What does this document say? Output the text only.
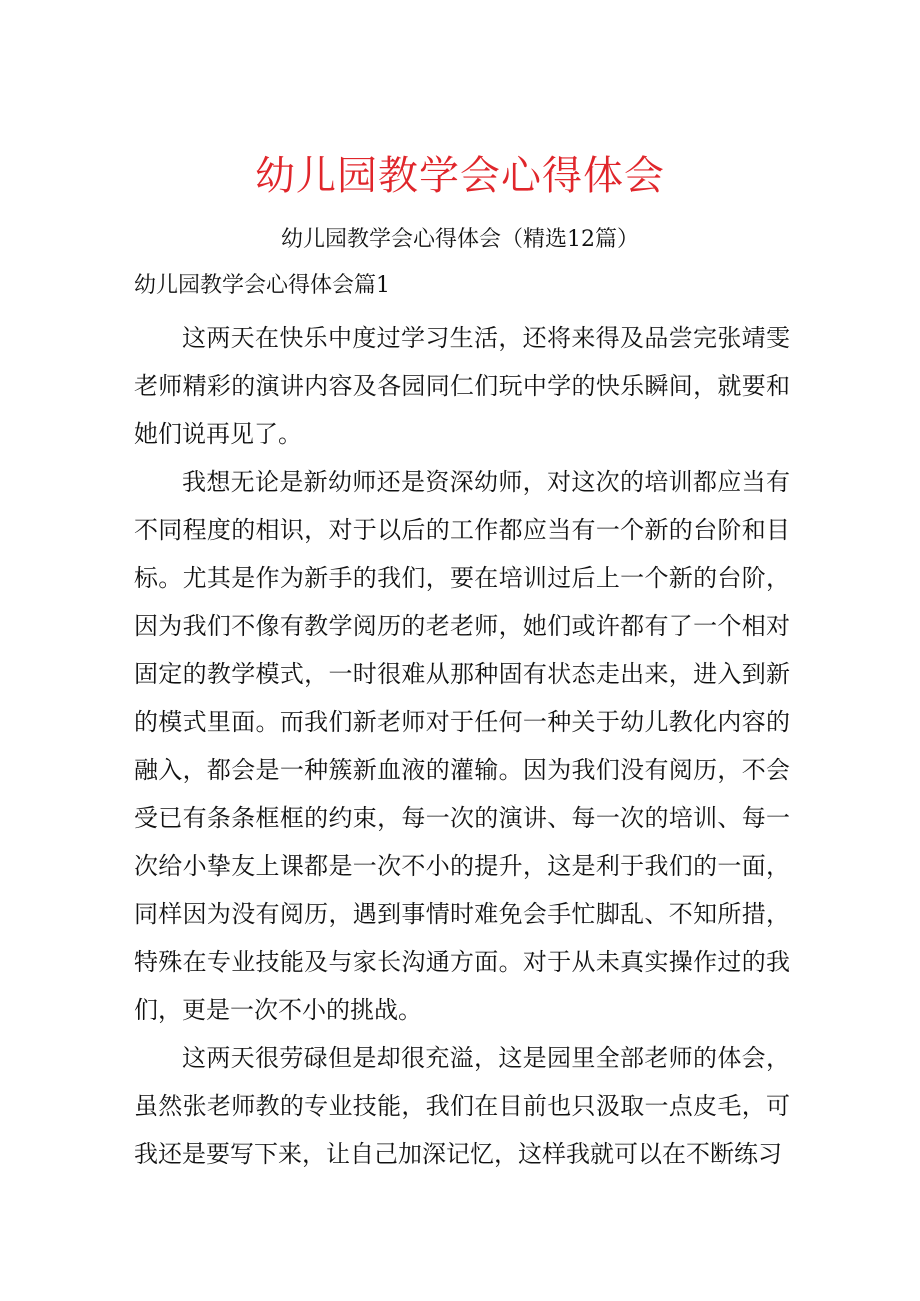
幼儿园教学会心得体会

幼儿园教学会心得体会（精选12篇）

幼儿园教学会心得体会篇1

这两天在快乐中度过学习生活，还将来得及品尝完张靖雯老师精彩的演讲内容及各园同仁们玩中学的快乐瞬间，就要和她们说再见了。

我想无论是新幼师还是资深幼师，对这次的培训都应当有不同程度的相识，对于以后的工作都应当有一个新的台阶和目标。尤其是作为新手的我们，要在培训过后上一个新的台阶，因为我们不像有教学阅历的老老师，她们或许都有了一个相对固定的教学模式，一时很难从那种固有状态走出来，进入到新的模式里面。而我们新老师对于任何一种关于幼儿教化内容的融入，都会是一种簇新血液的灌输。因为我们没有阅历，不会受已有条条框框的约束，每一次的演讲、每一次的培训、每一次给小挚友上课都是一次不小的提升，这是利于我们的一面，同样因为没有阅历，遇到事情时难免会手忙脚乱、不知所措，特殊在专业技能及与家长沟通方面。对于从未真实操作过的我们，更是一次不小的挑战。

这两天很劳碌但是却很充溢，这是园里全部老师的体会，虽然张老师教的专业技能，我们在目前也只汲取一点皮毛，可我还是要写下来，让自己加深记忆，这样我就可以在不断练习
